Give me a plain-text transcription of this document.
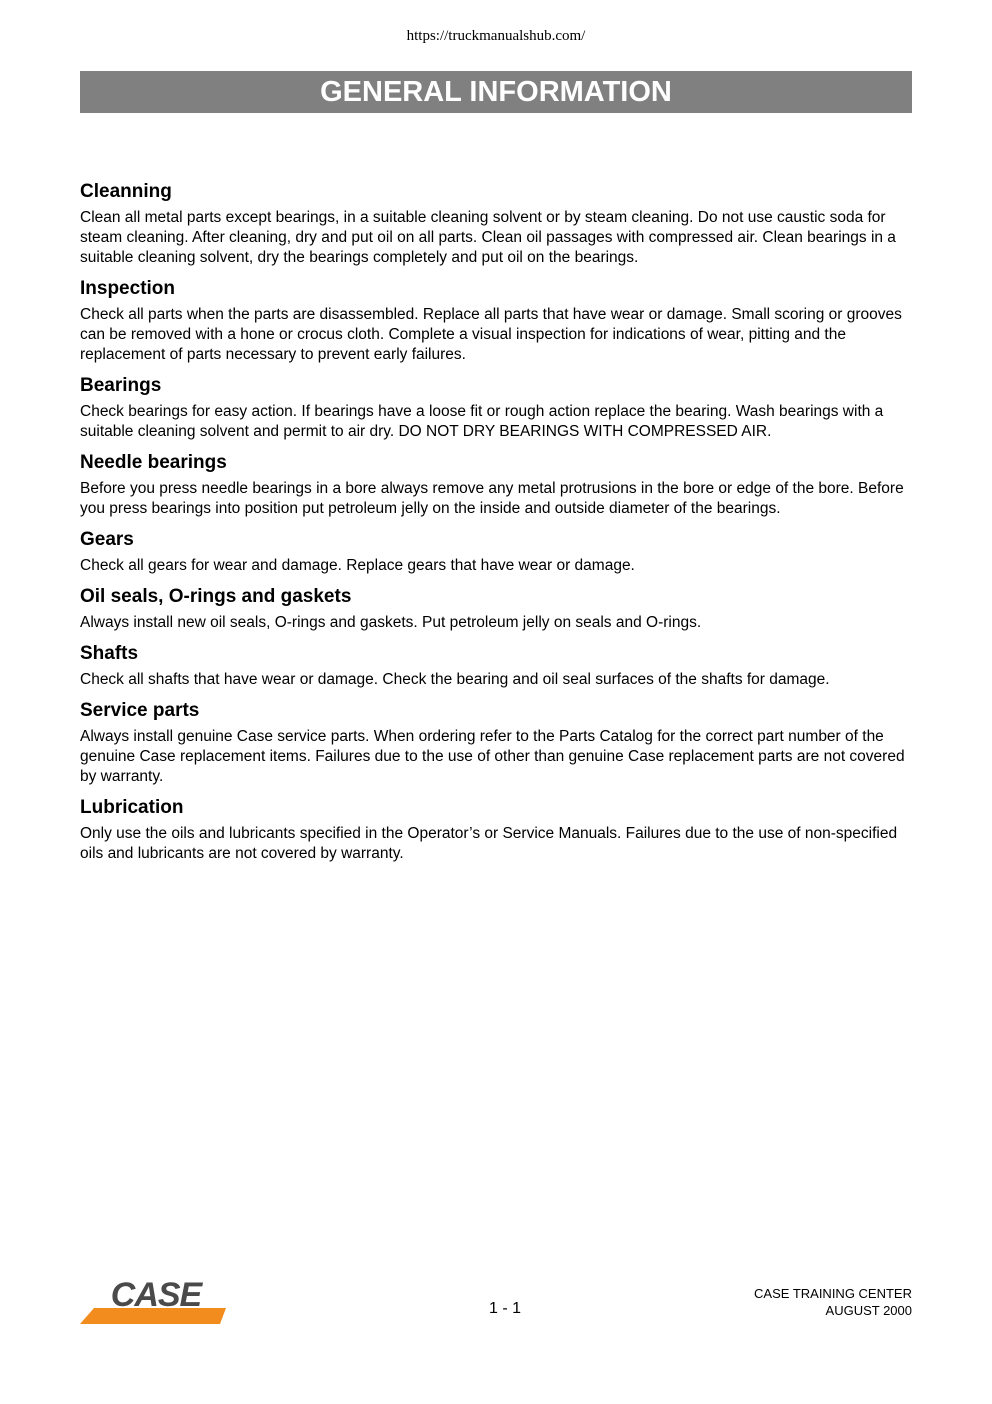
https://truckmanualshub.com/
GENERAL INFORMATION
Cleanning

Clean all metal parts except bearings, in a suitable cleaning solvent or by steam cleaning. Do not use caustic soda for steam cleaning. After cleaning, dry and put oil on all parts. Clean oil passages with compressed air. Clean bearings in a suitable cleaning solvent, dry the bearings completely and put oil on the bearings.

Inspection

Check all parts when the parts are disassembled. Replace all parts that have wear or damage. Small scoring or grooves can be removed with a hone or crocus cloth. Complete a visual inspection for indications of wear, pitting and the replacement of parts necessary to prevent early failures.

Bearings

Check bearings for easy action. If bearings have a loose fit or rough action replace the bearing. Wash bearings with a suitable cleaning solvent and permit to air dry. DO NOT DRY BEARINGS WITH COMPRESSED AIR.

Needle bearings

Before you press needle bearings in a bore always remove any metal protrusions in the bore or edge of the bore. Before you press bearings into position put petroleum jelly on the inside and outside diameter of the bearings.

Gears

Check all gears for wear and damage. Replace gears that have wear or damage.

Oil seals, O-rings and gaskets

Always install new oil seals, O-rings and gaskets. Put petroleum jelly on seals and O-rings.

Shafts

Check all shafts that have wear or damage. Check the bearing and oil seal surfaces of the shafts for damage.

Service parts

Always install genuine Case service parts. When ordering refer to the Parts Catalog for the correct part number of the genuine Case replacement items. Failures due to the use of other than genuine Case replacement parts are not covered by warranty.

Lubrication

Only use the oils and lubricants specified in the Operator’s or Service Manuals. Failures due to the use of non-specified oils and lubricants are not covered by warranty.

CASE	1 - 1
CASE TRAINING CENTER
AUGUST 2000
